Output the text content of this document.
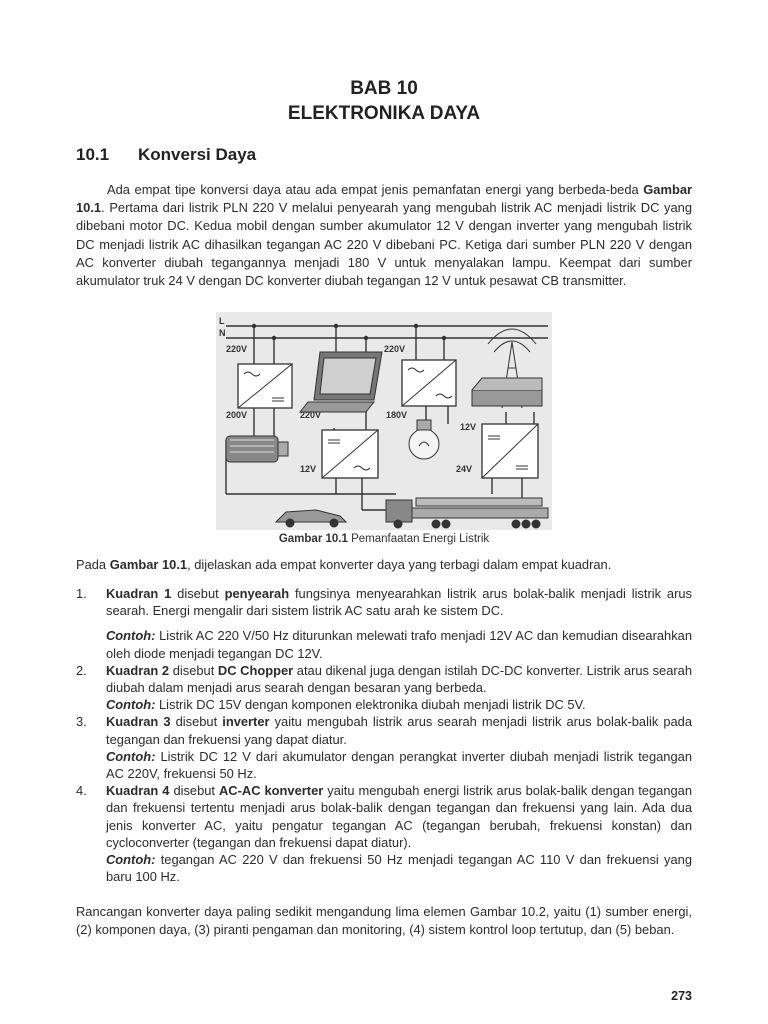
BAB 10
ELEKTRONIKA DAYA
10.1 Konversi Daya

Ada empat tipe konversi daya atau ada empat jenis pemanfatan energi yang berbeda-beda Gambar 10.1. Pertama dari listrik PLN 220 V melalui penyearah yang mengubah listrik AC menjadi listrik DC yang dibebani motor DC. Kedua mobil dengan sumber akumulator 12 V dengan inverter yang mengubah listrik DC menjadi listrik AC dihasilkan tegangan AC 220 V dibebani PC. Ketiga dari sumber PLN 220 V dengan AC konverter diubah tegangannya menjadi 180 V untuk menyalakan lampu. Keempat dari sumber akumulator truk 24 V dengan DC konverter diubah tegangan 12 V untuk pesawat CB transmitter.

L
N
220V
200V	220V
220V
180V
12V
12V
24V
Gambar 10.1 Pemanfaatan Energi Listrik

Pada Gambar 10.1, dijelaskan ada empat konverter daya yang terbagi dalam empat kuadran.

1. Kuadran 1 disebut penyearah fungsinya menyearahkan listrik arus bolak-balik menjadi listrik arus searah. Energi mengalir dari sistem listrik AC satu arah ke sistem DC.
Contoh: Listrik AC 220 V/50 Hz diturunkan melewati trafo menjadi 12V AC dan kemudian disearahkan oleh diode menjadi tegangan DC 12V.
2. Kuadran 2 disebut DC Chopper atau dikenal juga dengan istilah DC-DC konverter. Listrik arus searah diubah dalam menjadi arus searah dengan besaran yang berbeda.
Contoh: Listrik DC 15V dengan komponen elektronika diubah menjadi listrik DC 5V.
3. Kuadran 3 disebut inverter yaitu mengubah listrik arus searah menjadi listrik arus bolak-balik pada tegangan dan frekuensi yang dapat diatur.
Contoh: Listrik DC 12 V dari akumulator dengan perangkat inverter diubah menjadi listrik tegangan AC 220V, frekuensi 50 Hz.
4. Kuadran 4 disebut AC-AC konverter yaitu mengubah energi listrik arus bolak-balik dengan tegangan dan frekuensi tertentu menjadi arus bolak-balik dengan tegangan dan frekuensi yang lain. Ada dua jenis konverter AC, yaitu pengatur tegangan AC (tegangan berubah, frekuensi konstan) dan cycloconverter (tegangan dan frekuensi dapat diatur).
Contoh: tegangan AC 220 V dan frekuensi 50 Hz menjadi tegangan AC 110 V dan frekuensi yang baru 100 Hz.

Rancangan konverter daya paling sedikit mengandung lima elemen Gambar 10.2, yaitu (1) sumber energi, (2) komponen daya, (3) piranti pengaman dan monitoring, (4) sistem kontrol loop tertutup, dan (5) beban.

273
